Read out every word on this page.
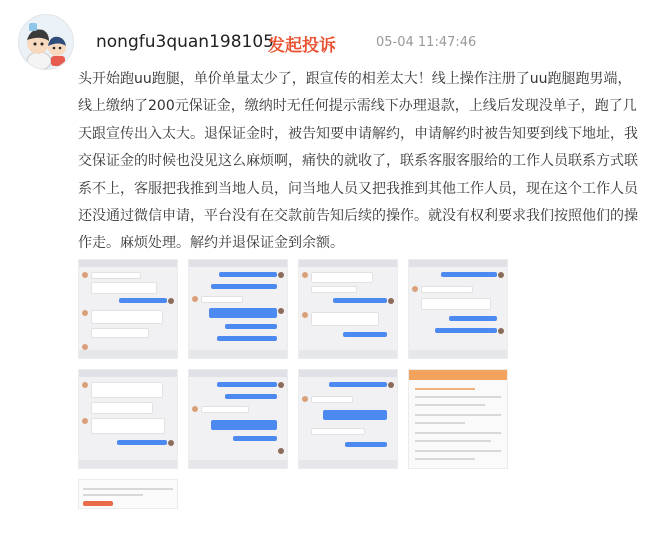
nongfu3quan198105
发起投诉	05-04 11:47:46
头开始跑uu跑腿，单价单量太少了，跟宣传的相差太大！线上操作注册了uu跑腿跑男端，线上缴纳了200元保证金，缴纳时无任何提示需线下办理退款，上线后发现没单子，跑了几天跟宣传出入太大。退保证金时，被告知要申请解约，申请解约时被告知要到线下地址，我交保证金的时候也没见这么麻烦啊，痛快的就收了，联系客服客服给的工作人员联系方式联系不上，客服把我推到当地人员，问当地人员又把我推到其他工作人员，现在这个工作人员还没通过微信申请，平台没有在交款前告知后续的操作。就没有权利要求我们按照他们的操作走。麻烦处理。解约并退保证金到余额。
